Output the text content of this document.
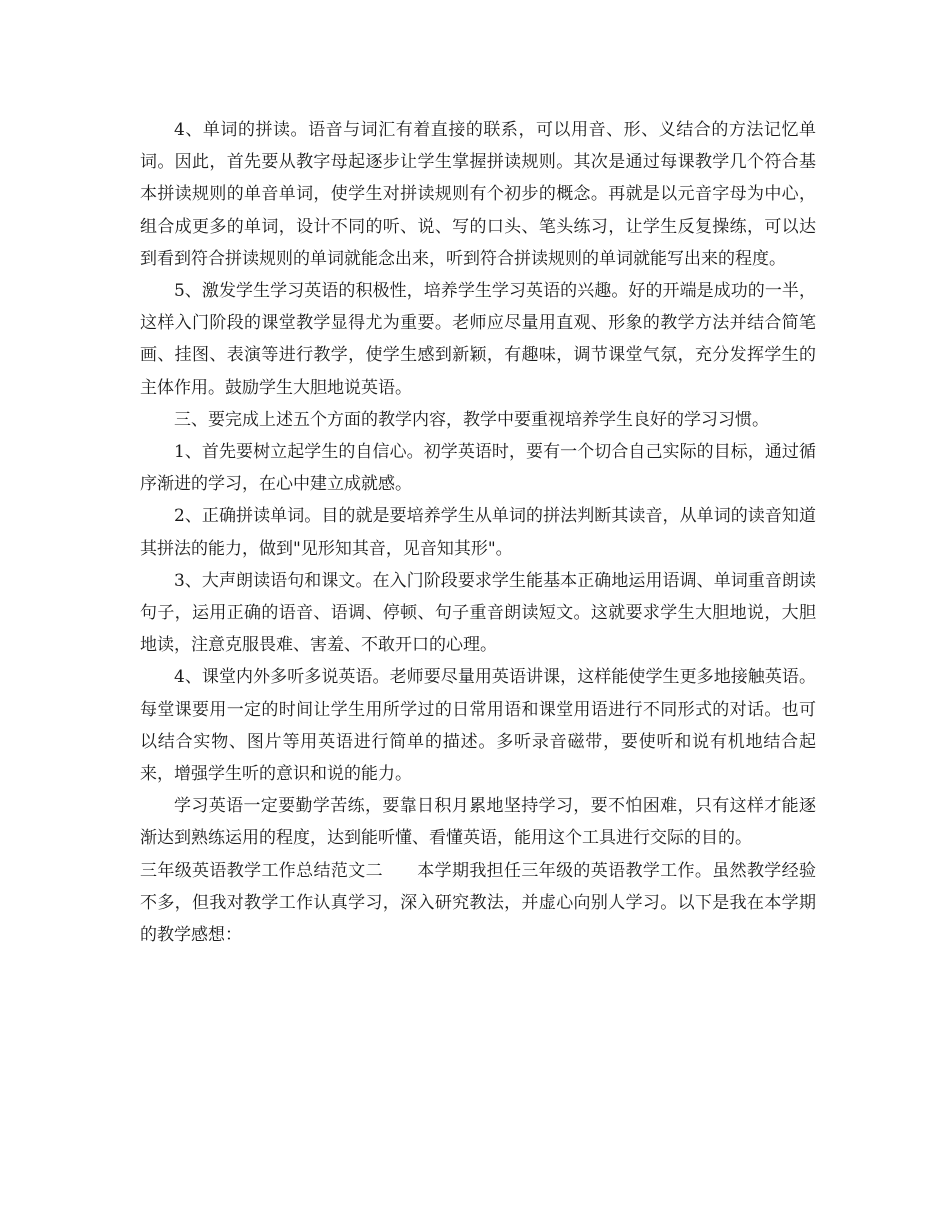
4、单词的拼读。语音与词汇有着直接的联系，可以用音、形、义结合的方法记忆单词。因此，首先要从教字母起逐步让学生掌握拼读规则。其次是通过每课教学几个符合基本拼读规则的单音单词，使学生对拼读规则有个初步的概念。再就是以元音字母为中心，组合成更多的单词，设计不同的听、说、写的口头、笔头练习，让学生反复操练，可以达到看到符合拼读规则的单词就能念出来，听到符合拼读规则的单词就能写出来的程度。

5、激发学生学习英语的积极性，培养学生学习英语的兴趣。好的开端是成功的一半，这样入门阶段的课堂教学显得尤为重要。老师应尽量用直观、形象的教学方法并结合简笔画、挂图、表演等进行教学，使学生感到新颖，有趣味，调节课堂气氛，充分发挥学生的主体作用。鼓励学生大胆地说英语。

三、要完成上述五个方面的教学内容，教学中要重视培养学生良好的学习习惯。

1、首先要树立起学生的自信心。初学英语时，要有一个切合自己实际的目标，通过循序渐进的学习，在心中建立成就感。

2、正确拼读单词。目的就是要培养学生从单词的拼法判断其读音，从单词的读音知道其拼法的能力，做到"见形知其音，见音知其形"。

3、大声朗读语句和课文。在入门阶段要求学生能基本正确地运用语调、单词重音朗读句子，运用正确的语音、语调、停顿、句子重音朗读短文。这就要求学生大胆地说，大胆地读，注意克服畏难、害羞、不敢开口的心理。

4、课堂内外多听多说英语。老师要尽量用英语讲课，这样能使学生更多地接触英语。每堂课要用一定的时间让学生用所学过的日常用语和课堂用语进行不同形式的对话。也可以结合实物、图片等用英语进行简单的描述。多听录音磁带，要使听和说有机地结合起来，增强学生听的意识和说的能力。

学习英语一定要勤学苦练，要靠日积月累地坚持学习，要不怕困难，只有这样才能逐渐达到熟练运用的程度，达到能听懂、看懂英语，能用这个工具进行交际的目的。

三年级英语教学工作总结范文二 本学期我担任三年级的英语教学工作。虽然教学经验不多，但我对教学工作认真学习，深入研究教法，并虚心向别人学习。以下是我在本学期的教学感想：
